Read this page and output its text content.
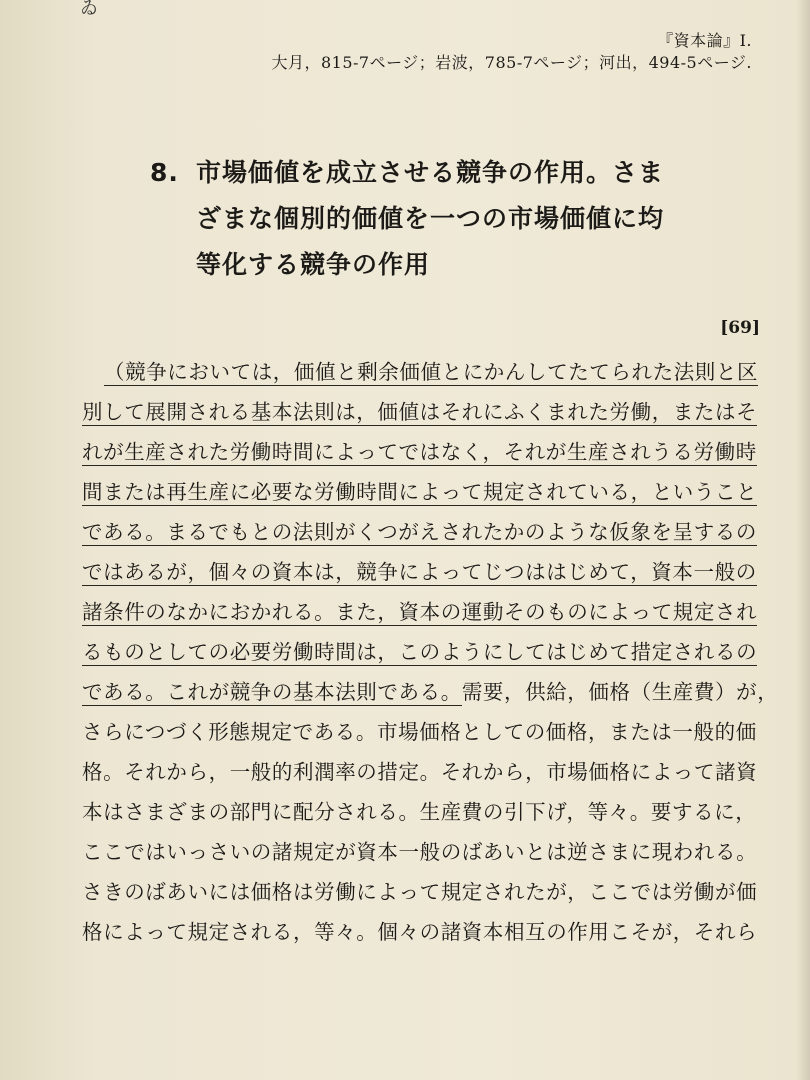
ゐ
『資本論』Ⅰ.
大月，815-7ページ；岩波，785-7ページ；河出，494-5ページ.
8. 市場価値を成立させる競争の作用。さま
ざまな個別的価値を一つの市場価値に均
等化する競争の作用
[69]
（競争においては，価値と剰余価値とにかんしてたてられた法則と区
別して展開される基本法則は，価値はそれにふくまれた労働，またはそ
れが生産された労働時間によってではなく，それが生産されうる労働時
間または再生産に必要な労働時間によって規定されている，ということ
である。まるでもとの法則がくつがえされたかのような仮象を呈するの
ではあるが，個々の資本は，競争によってじつははじめて，資本一般の
諸条件のなかにおかれる。また，資本の運動そのものによって規定され
るものとしての必要労働時間は，このようにしてはじめて措定されるの
である。これが競争の基本法則である。需要，供給，価格（生産費）が，
さらにつづく形態規定である。市場価格としての価格，または一般的価
格。それから，一般的利潤率の措定。それから，市場価格によって諸資
本はさまざまの部門に配分される。生産費の引下げ，等々。要するに，
ここではいっさいの諸規定が資本一般のばあいとは逆さまに現われる。
さきのばあいには価格は労働によって規定されたが，ここでは労働が価
格によって規定される，等々。個々の諸資本相互の作用こそが，それら
